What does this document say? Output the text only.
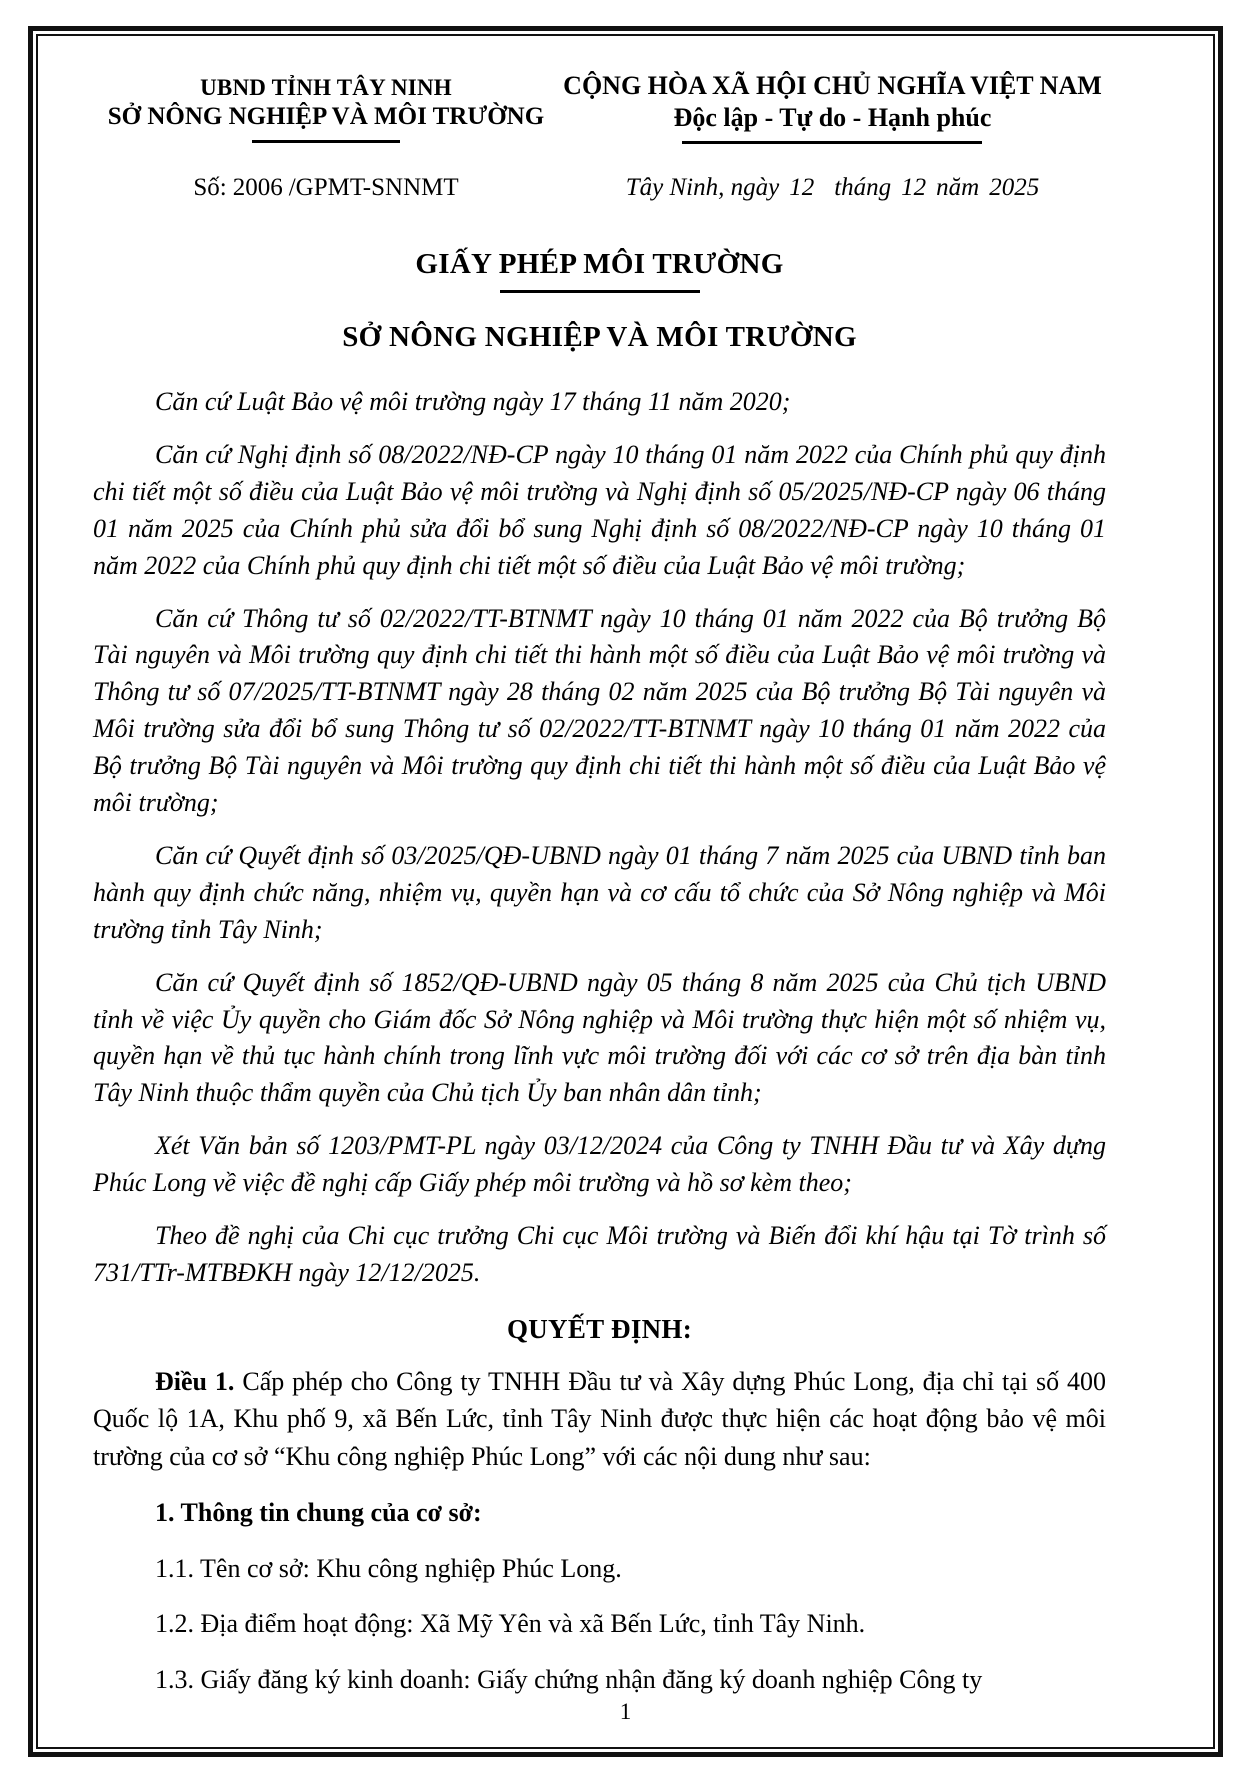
UBND TỈNH TÂY NINH
SỞ NÔNG NGHIỆP VÀ MÔI TRƯỜNG
CỘNG HÒA XÃ HỘI CHỦ NGHĨA VIỆT NAM
Độc lập - Tự do - Hạnh phúc
Số: 2006 /GPMT-SNNMT	Tây Ninh, ngày 12 tháng 12 năm 2025
GIẤY PHÉP MÔI TRƯỜNG
SỞ NÔNG NGHIỆP VÀ MÔI TRƯỜNG
Căn cứ Luật Bảo vệ môi trường ngày 17 tháng 11 năm 2020;
Căn cứ Nghị định số 08/2022/NĐ-CP ngày 10 tháng 01 năm 2022 của Chính phủ quy định chi tiết một số điều của Luật Bảo vệ môi trường và Nghị định số 05/2025/NĐ-CP ngày 06 tháng 01 năm 2025 của Chính phủ sửa đổi bổ sung Nghị định số 08/2022/NĐ-CP ngày 10 tháng 01 năm 2022 của Chính phủ quy định chi tiết một số điều của Luật Bảo vệ môi trường;
Căn cứ Thông tư số 02/2022/TT-BTNMT ngày 10 tháng 01 năm 2022 của Bộ trưởng Bộ Tài nguyên và Môi trường quy định chi tiết thi hành một số điều của Luật Bảo vệ môi trường và Thông tư số 07/2025/TT-BTNMT ngày 28 tháng 02 năm 2025 của Bộ trưởng Bộ Tài nguyên và Môi trường sửa đổi bổ sung Thông tư số 02/2022/TT-BTNMT ngày 10 tháng 01 năm 2022 của Bộ trưởng Bộ Tài nguyên và Môi trường quy định chi tiết thi hành một số điều của Luật Bảo vệ môi trường;
Căn cứ Quyết định số 03/2025/QĐ-UBND ngày 01 tháng 7 năm 2025 của UBND tỉnh ban hành quy định chức năng, nhiệm vụ, quyền hạn và cơ cấu tổ chức của Sở Nông nghiệp và Môi trường tỉnh Tây Ninh;
Căn cứ Quyết định số 1852/QĐ-UBND ngày 05 tháng 8 năm 2025 của Chủ tịch UBND tỉnh về việc Ủy quyền cho Giám đốc Sở Nông nghiệp và Môi trường thực hiện một số nhiệm vụ, quyền hạn về thủ tục hành chính trong lĩnh vực môi trường đối với các cơ sở trên địa bàn tỉnh Tây Ninh thuộc thẩm quyền của Chủ tịch Ủy ban nhân dân tỉnh;
Xét Văn bản số 1203/PMT-PL ngày 03/12/2024 của Công ty TNHH Đầu tư và Xây dựng Phúc Long về việc đề nghị cấp Giấy phép môi trường và hồ sơ kèm theo;
Theo đề nghị của Chi cục trưởng Chi cục Môi trường và Biến đổi khí hậu tại Tờ trình số 731/TTr-MTBĐKH ngày 12/12/2025.
QUYẾT ĐỊNH:
Điều 1. Cấp phép cho Công ty TNHH Đầu tư và Xây dựng Phúc Long, địa chỉ tại số 400 Quốc lộ 1A, Khu phố 9, xã Bến Lức, tỉnh Tây Ninh được thực hiện các hoạt động bảo vệ môi trường của cơ sở “Khu công nghiệp Phúc Long” với các nội dung như sau:
1. Thông tin chung của cơ sở:
1.1. Tên cơ sở: Khu công nghiệp Phúc Long.
1.2. Địa điểm hoạt động: Xã Mỹ Yên và xã Bến Lức, tỉnh Tây Ninh.
1.3. Giấy đăng ký kinh doanh: Giấy chứng nhận đăng ký doanh nghiệp Công ty
1
